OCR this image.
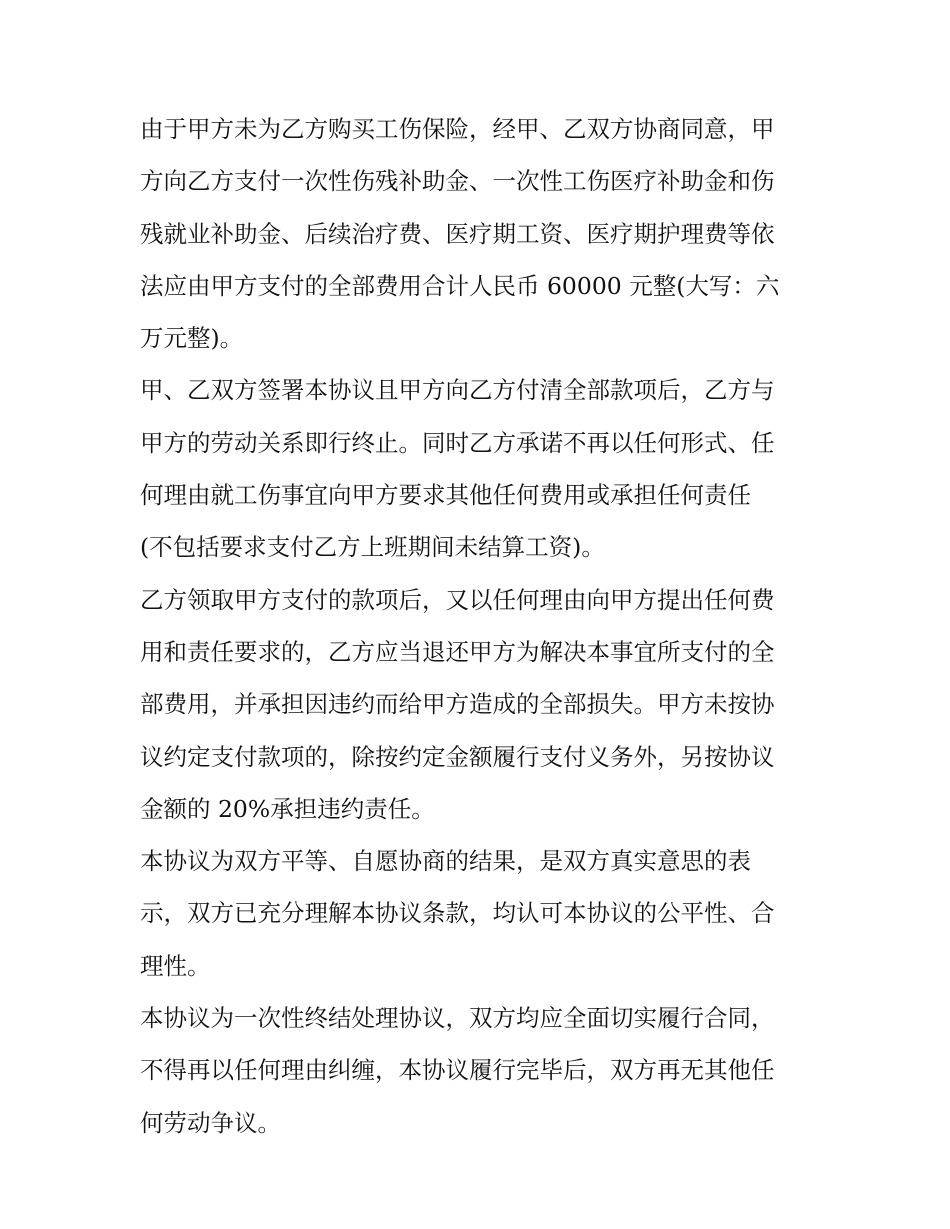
由于甲方未为乙方购买工伤保险，经甲、乙双方协商同意，甲
方向乙方支付一次性伤残补助金、一次性工伤医疗补助金和伤
残就业补助金、后续治疗费、医疗期工资、医疗期护理费等依
法应由甲方支付的全部费用合计人民币 60000 元整(大写：六
万元整)。

甲、乙双方签署本协议且甲方向乙方付清全部款项后，乙方与
甲方的劳动关系即行终止。同时乙方承诺不再以任何形式、任
何理由就工伤事宜向甲方要求其他任何费用或承担任何责任
(不包括要求支付乙方上班期间未结算工资)。

乙方领取甲方支付的款项后，又以任何理由向甲方提出任何费
用和责任要求的，乙方应当退还甲方为解决本事宜所支付的全
部费用，并承担因违约而给甲方造成的全部损失。甲方未按协
议约定支付款项的，除按约定金额履行支付义务外，另按协议
金额的 20%承担违约责任。

本协议为双方平等、自愿协商的结果，是双方真实意思的表
示，双方已充分理解本协议条款，均认可本协议的公平性、合
理性。

本协议为一次性终结处理协议，双方均应全面切实履行合同，
不得再以任何理由纠缠，本协议履行完毕后，双方再无其他任
何劳动争议。
